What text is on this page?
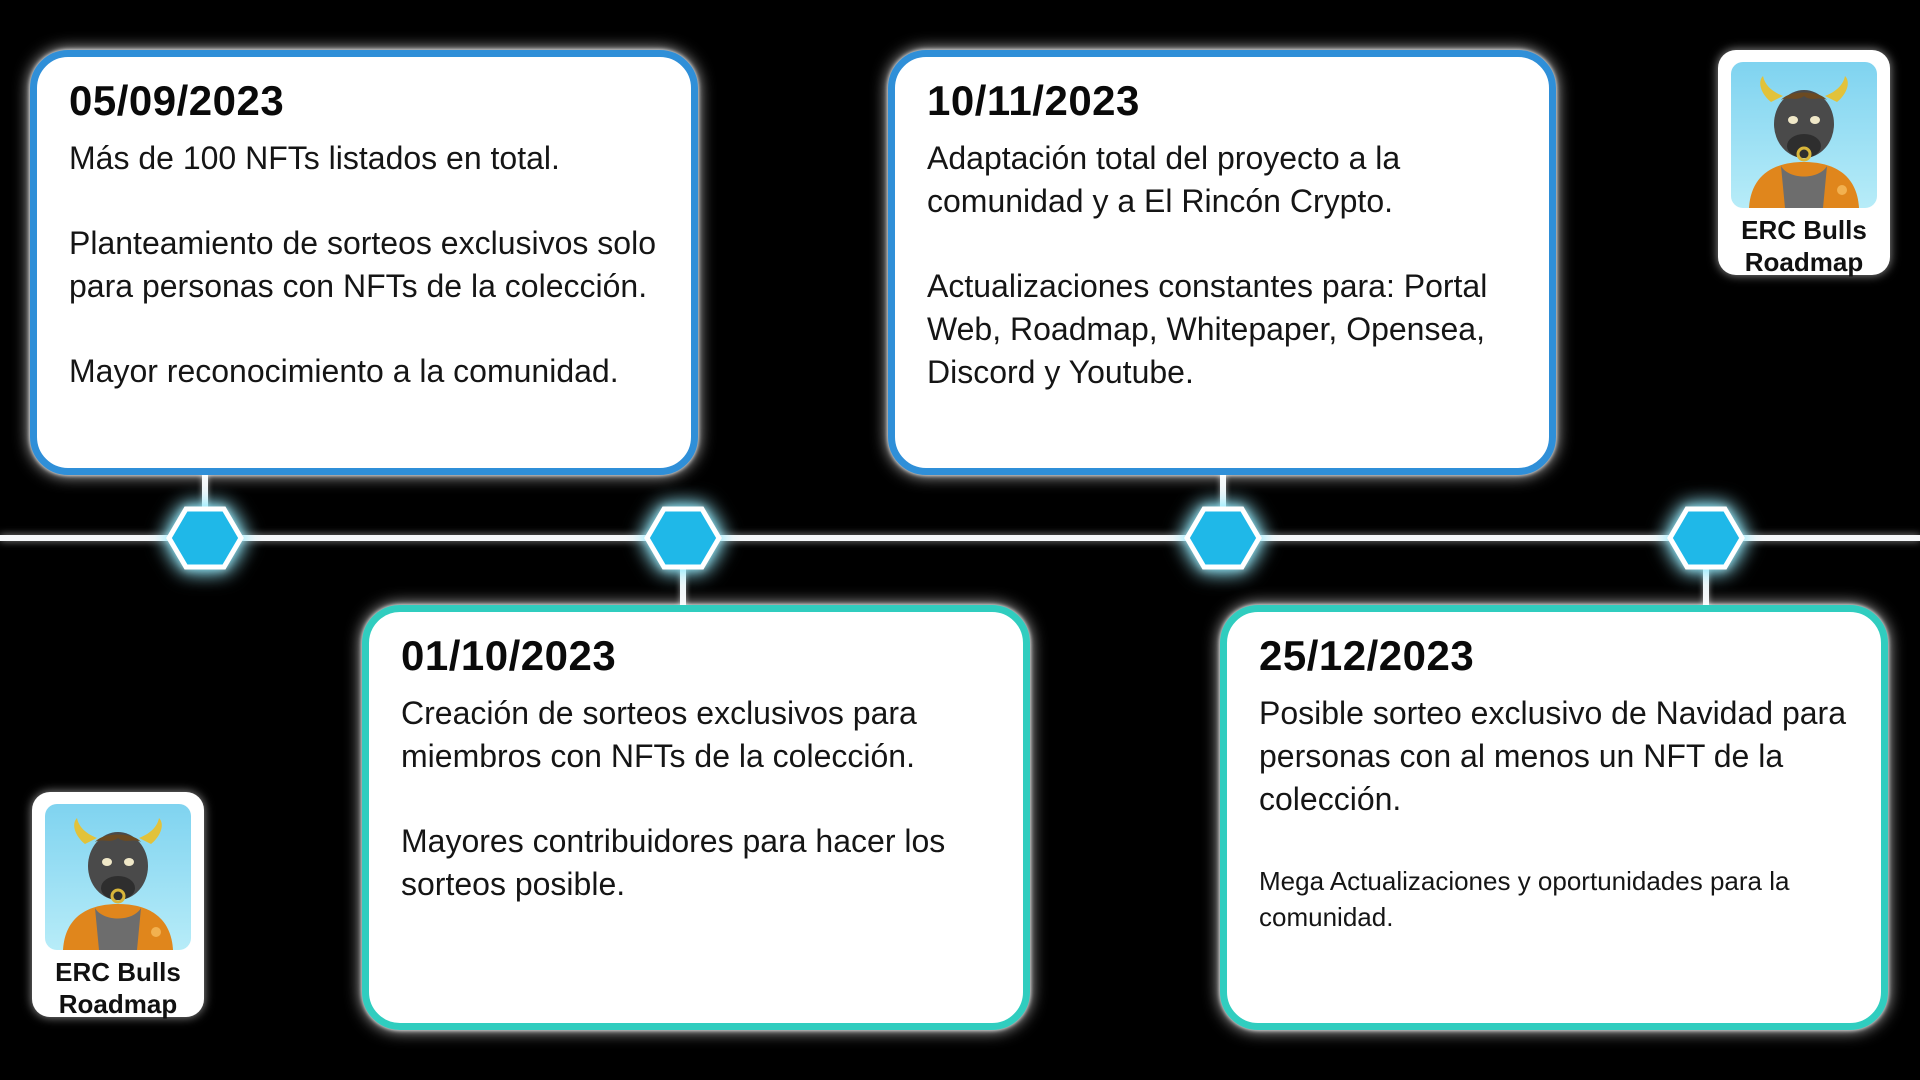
05/09/2023

Más de 100 NFTs listados en total.

Planteamiento de sorteos exclusivos solo para personas con NFTs de la colección.

Mayor reconocimiento a la comunidad.

01/10/2023

Creación de sorteos exclusivos para miembros con NFTs de la colección.

Mayores contribuidores para hacer los sorteos posible.

10/11/2023

Adaptación total del proyecto a la comunidad y a El Rincón Crypto.

Actualizaciones constantes para: Portal Web, Roadmap, Whitepaper, Opensea, Discord y Youtube.

25/12/2023

Posible sorteo exclusivo de Navidad para personas con al menos un NFT de la colección.

Mega Actualizaciones y oportunidades para la comunidad.

ERC Bulls
Roadmap
ERC Bulls
Roadmap
